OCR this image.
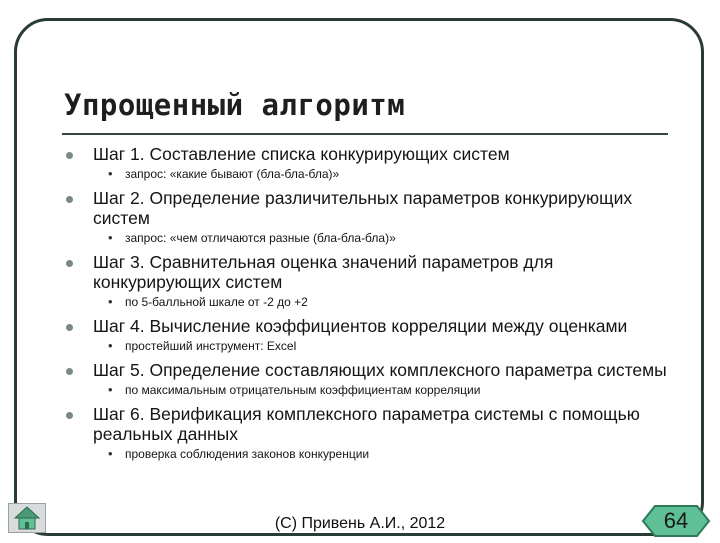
Упрощенный алгоритм
Шаг 1. Составление списка конкурирующих систем
• запрос: «какие бывают (бла-бла-бла)»
Шаг 2. Определение различительных параметров конкурирующих систем
• запрос: «чем отличаются разные (бла-бла-бла)»
Шаг 3. Сравнительная оценка значений параметров для конкурирующих систем
• по 5-балльной шкале от -2 до +2
Шаг 4. Вычисление коэффициентов корреляции между оценками
• простейший инструмент: Excel
Шаг 5. Определение составляющих комплексного параметра системы
• по максимальным отрицательным коэффициентам корреляции
Шаг 6. Верификация комплексного параметра системы с помощью реальных данных
• проверка соблюдения законов конкуренции
(C) Привень А.И., 2012	64
